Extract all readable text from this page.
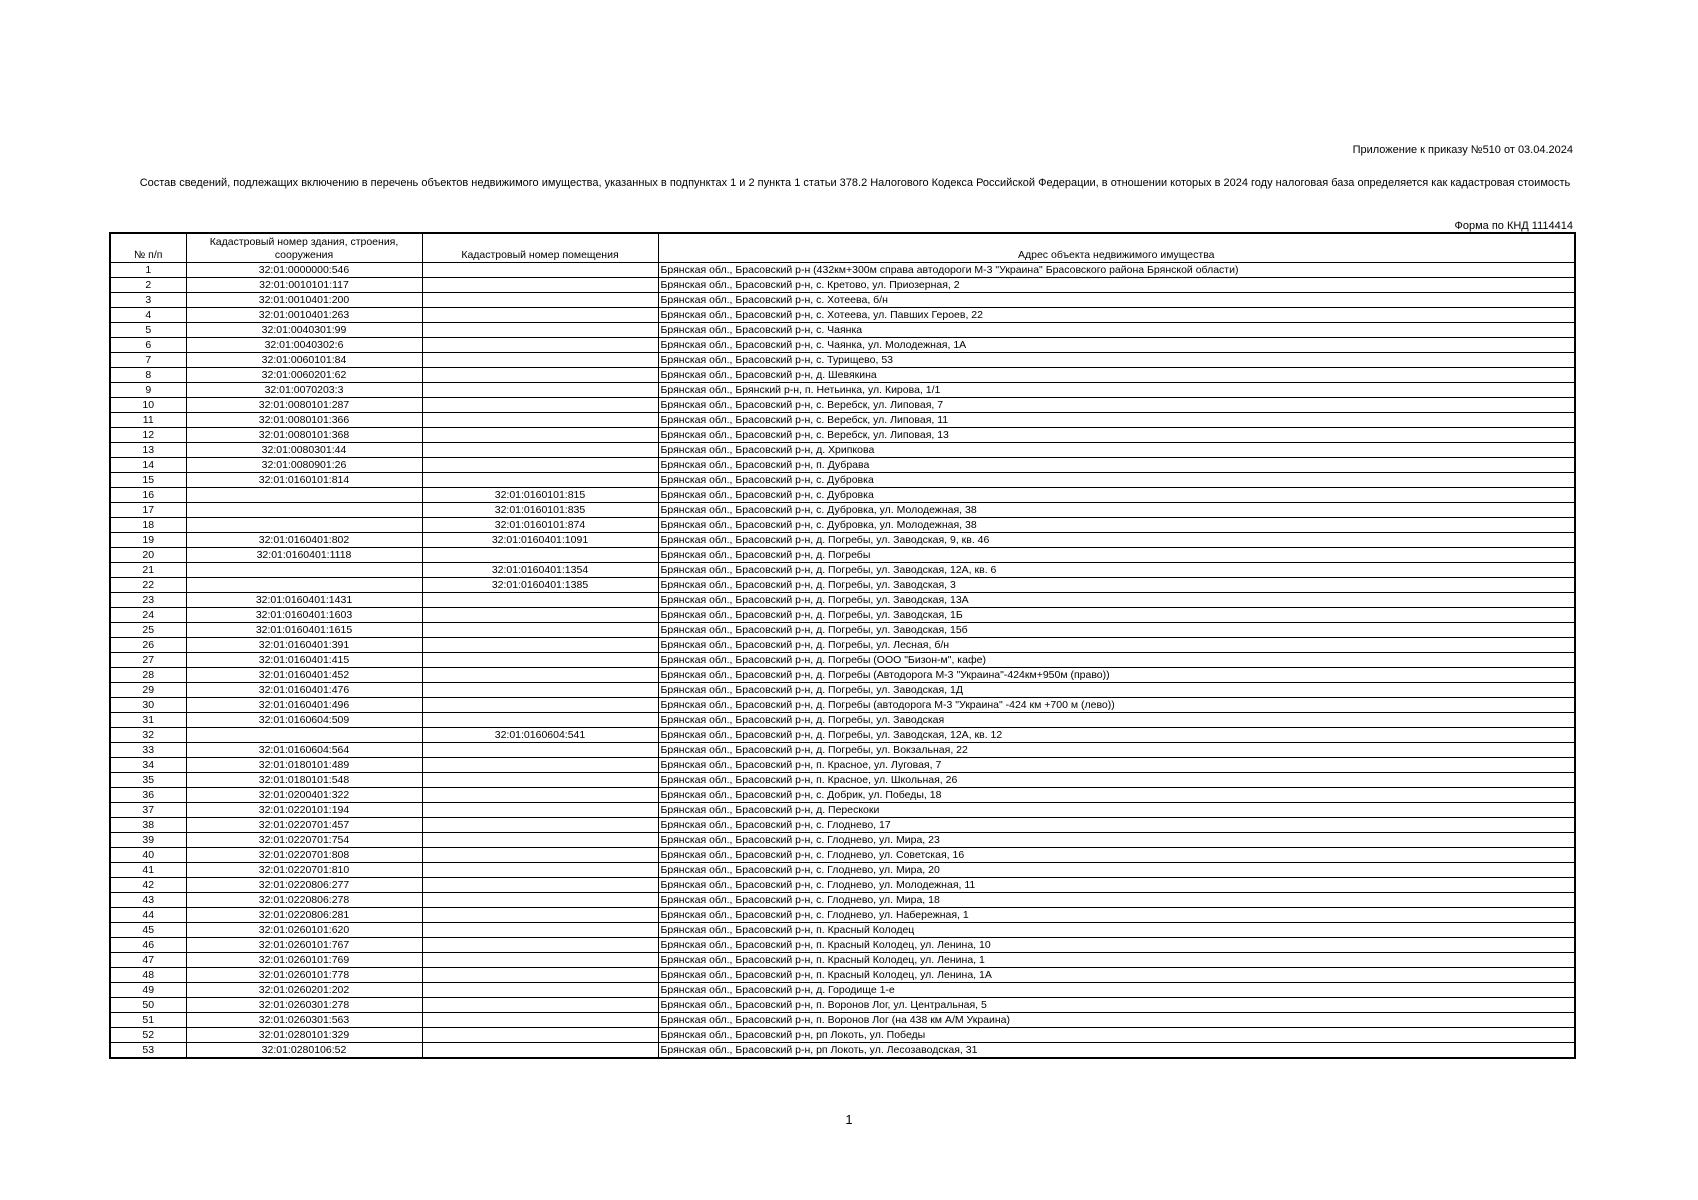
Приложение к приказу №510 от 03.04.2024
Состав сведений, подлежащих включению в перечень объектов недвижимого имущества, указанных в подпунктах 1 и 2 пункта 1 статьи 378.2 Налогового Кодекса Российской Федерации, в отношении которых в 2024 году налоговая база определяется как кадастровая стоимость
Форма по КНД 1114414
№ п/п	Кадастровый номер здания, строения, сооружения	Кадастровый номер помещения	Адрес объекта недвижимого имущества
1	32:01:0000000:546		Брянская обл., Брасовский р-н (432км+300м справа автодороги М-3 "Украина" Брасовского района Брянской области)
2	32:01:0010101:117		Брянская обл., Брасовский р-н, с. Кретово, ул. Приозерная, 2
3	32:01:0010401:200		Брянская обл., Брасовский р-н, с. Хотеева, б/н
4	32:01:0010401:263		Брянская обл., Брасовский р-н, с. Хотеева, ул. Павших Героев, 22
5	32:01:0040301:99		Брянская обл., Брасовский р-н, с. Чаянка
6	32:01:0040302:6		Брянская обл., Брасовский р-н, с. Чаянка, ул. Молодежная, 1А
7	32:01:0060101:84		Брянская обл., Брасовский р-н, с. Турищево, 53
8	32:01:0060201:62		Брянская обл., Брасовский р-н, д. Шевякина
9	32:01:0070203:3		Брянская обл., Брянский р-н, п. Нетьинка, ул. Кирова, 1/1
10	32:01:0080101:287		Брянская обл., Брасовский р-н, с. Веребск, ул. Липовая, 7
11	32:01:0080101:366		Брянская обл., Брасовский р-н, с. Веребск, ул. Липовая, 11
12	32:01:0080101:368		Брянская обл., Брасовский р-н, с. Веребск, ул. Липовая, 13
13	32:01:0080301:44		Брянская обл., Брасовский р-н, д. Хрипкова
14	32:01:0080901:26		Брянская обл., Брасовский р-н, п. Дубрава
15	32:01:0160101:814		Брянская обл., Брасовский р-н, с. Дубровка
16		32:01:0160101:815	Брянская обл., Брасовский р-н, с. Дубровка
17		32:01:0160101:835	Брянская обл., Брасовский р-н, с. Дубровка, ул. Молодежная, 38
18		32:01:0160101:874	Брянская обл., Брасовский р-н, с. Дубровка, ул. Молодежная, 38
19	32:01:0160401:802	32:01:0160401:1091	Брянская обл., Брасовский р-н, д. Погребы, ул. Заводская, 9, кв. 46
20	32:01:0160401:1118		Брянская обл., Брасовский р-н, д. Погребы
21		32:01:0160401:1354	Брянская обл., Брасовский р-н, д. Погребы, ул. Заводская, 12А, кв. 6
22		32:01:0160401:1385	Брянская обл., Брасовский р-н, д. Погребы, ул. Заводская, 3
23	32:01:0160401:1431		Брянская обл., Брасовский р-н, д. Погребы, ул. Заводская, 13А
24	32:01:0160401:1603		Брянская обл., Брасовский р-н, д. Погребы, ул. Заводская, 1Б
25	32:01:0160401:1615		Брянская обл., Брасовский р-н, д. Погребы, ул. Заводская, 15б
26	32:01:0160401:391		Брянская обл., Брасовский р-н, д. Погребы, ул. Лесная, б/н
27	32:01:0160401:415		Брянская обл., Брасовский р-н, д. Погребы (ООО "Бизон-м", кафе)
28	32:01:0160401:452		Брянская обл., Брасовский р-н, д. Погребы (Автодорога М-3 "Украина"-424км+950м (право))
29	32:01:0160401:476		Брянская обл., Брасовский р-н, д. Погребы, ул. Заводская, 1Д
30	32:01:0160401:496		Брянская обл., Брасовский р-н, д. Погребы (автодорога М-3 "Украина" -424 км +700 м (лево))
31	32:01:0160604:509		Брянская обл., Брасовский р-н, д. Погребы, ул. Заводская
32		32:01:0160604:541	Брянская обл., Брасовский р-н, д. Погребы, ул. Заводская, 12А, кв. 12
33	32:01:0160604:564		Брянская обл., Брасовский р-н, д. Погребы, ул. Вокзальная, 22
34	32:01:0180101:489		Брянская обл., Брасовский р-н, п. Красное, ул. Луговая, 7
35	32:01:0180101:548		Брянская обл., Брасовский р-н, п. Красное, ул. Школьная, 26
36	32:01:0200401:322		Брянская обл., Брасовский р-н, с. Добрик, ул. Победы, 18
37	32:01:0220101:194		Брянская обл., Брасовский р-н, д. Перескоки
38	32:01:0220701:457		Брянская обл., Брасовский р-н, с. Глоднево, 17
39	32:01:0220701:754		Брянская обл., Брасовский р-н, с. Глоднево, ул. Мира, 23
40	32:01:0220701:808		Брянская обл., Брасовский р-н, с. Глоднево, ул. Советская, 16
41	32:01:0220701:810		Брянская обл., Брасовский р-н, с. Глоднево, ул. Мира, 20
42	32:01:0220806:277		Брянская обл., Брасовский р-н, с. Глоднево, ул. Молодежная, 11
43	32:01:0220806:278		Брянская обл., Брасовский р-н, с. Глоднево, ул. Мира, 18
44	32:01:0220806:281		Брянская обл., Брасовский р-н, с. Глоднево, ул. Набережная, 1
45	32:01:0260101:620		Брянская обл., Брасовский р-н, п. Красный Колодец
46	32:01:0260101:767		Брянская обл., Брасовский р-н, п. Красный Колодец, ул. Ленина, 10
47	32:01:0260101:769		Брянская обл., Брасовский р-н, п. Красный Колодец, ул. Ленина, 1
48	32:01:0260101:778		Брянская обл., Брасовский р-н, п. Красный Колодец, ул. Ленина, 1А
49	32:01:0260201:202		Брянская обл., Брасовский р-н, д. Городище 1-е
50	32:01:0260301:278		Брянская обл., Брасовский р-н, п. Воронов Лог, ул. Центральная, 5
51	32:01:0260301:563		Брянская обл., Брасовский р-н, п. Воронов Лог (на 438 км А/М Украина)
52	32:01:0280101:329		Брянская обл., Брасовский р-н, рп Локоть, ул. Победы
53	32:01:0280106:52		Брянская обл., Брасовский р-н, рп Локоть, ул. Лесозаводская, 31
1
